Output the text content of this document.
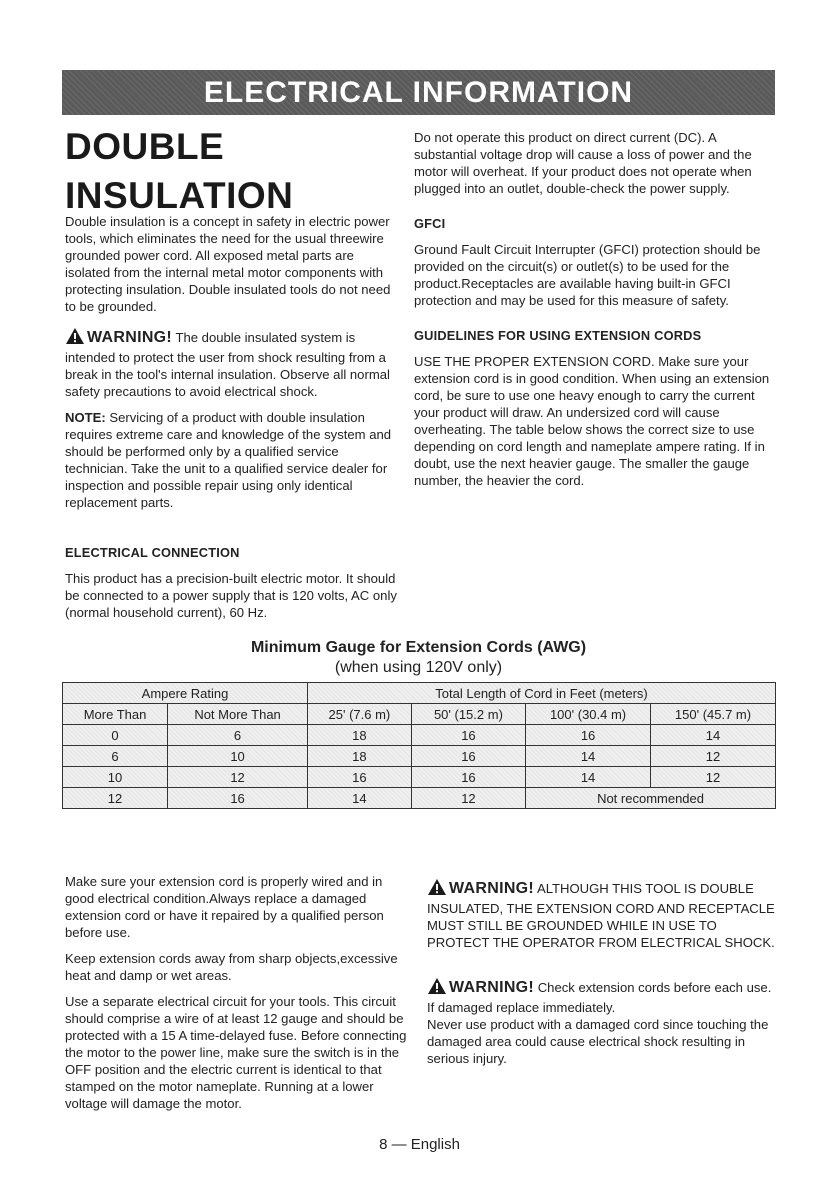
ELECTRICAL INFORMATION
DOUBLE
INSULATION

Double insulation is a concept in safety in electric power tools, which eliminates the need for the usual threewire grounded power cord. All exposed metal parts are isolated from the internal metal motor components with protecting insulation. Double insulated tools do not need to be grounded.

WARNING! The double insulated system is intended to protect the user from shock resulting from a break in the tool's internal insulation. Observe all normal safety precautions to avoid electrical shock.

NOTE: Servicing of a product with double insulation requires extreme care and knowledge of the system and should be performed only by a qualified service technician. Take the unit to a qualified service dealer for inspection and possible repair using only identical replacement parts.

ELECTRICAL CONNECTION

This product has a precision-built electric motor. It should be connected to a power supply that is 120 volts, AC only (normal household current), 60 Hz.

Do not operate this product on direct current (DC). A substantial voltage drop will cause a loss of power and the motor will overheat. If your product does not operate when plugged into an outlet, double-check the power supply.

GFCI

Ground Fault Circuit Interrupter (GFCI) protection should be provided on the circuit(s) or outlet(s) to be used for the product.Receptacles are available having built-in GFCI protection and may be used for this measure of safety.

GUIDELINES FOR USING EXTENSION CORDS

USE THE PROPER EXTENSION CORD. Make sure your extension cord is in good condition. When using an extension cord, be sure to use one heavy enough to carry the current your product will draw. An undersized cord will cause overheating. The table below shows the correct size to use depending on cord length and nameplate ampere rating. If in doubt, use the next heavier gauge. The smaller the gauge number, the heavier the cord.

Minimum Gauge for Extension Cords (AWG)
(when using 120V only)
Ampere Rating		Total Length of Cord in Feet (meters)			
More Than	Not More Than	25' (7.6 m)	50' (15.2 m)	100' (30.4 m)	150' (45.7 m)
0	6	18	16	16	14
6	10	18	16	14	12
10	12	16	16	14	12
12	16	14	12	Not recommended	

Make sure your extension cord is properly wired and in good electrical condition.Always replace a damaged extension cord or have it repaired by a qualified person before use.

Keep extension cords away from sharp objects,excessive heat and damp or wet areas.

Use a separate electrical circuit for your tools. This circuit should comprise a wire of at least 12 gauge and should be protected with a 15 A time-delayed fuse. Before connecting the motor to the power line, make sure the switch is in the OFF position and the electric current is identical to that stamped on the motor nameplate. Running at a lower voltage will damage the motor.

WARNING! ALTHOUGH THIS TOOL IS DOUBLE INSULATED, THE EXTENSION CORD AND RECEPTACLE MUST STILL BE GROUNDED WHILE IN USE TO PROTECT THE OPERATOR FROM ELECTRICAL SHOCK.

WARNING! Check extension cords before each use. If damaged replace immediately.

Never use product with a damaged cord since touching the damaged area could cause electrical shock resulting in serious injury.

8 — English
